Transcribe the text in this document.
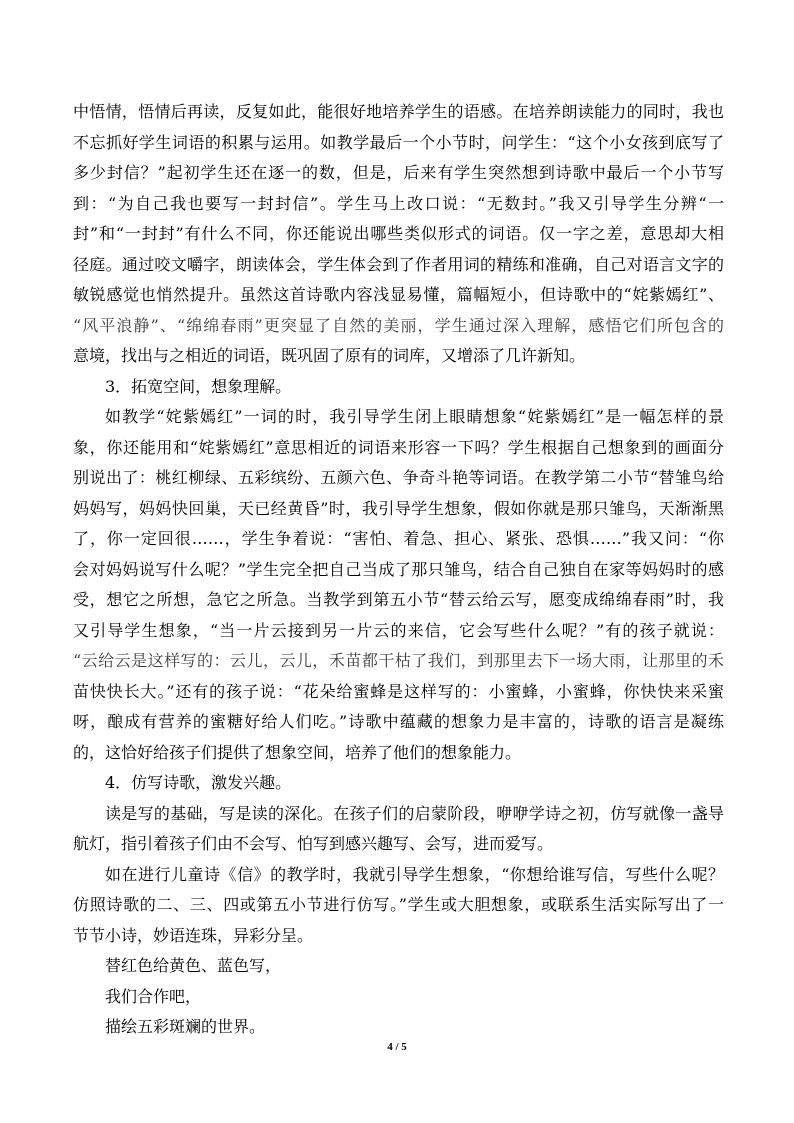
中悟情，悟情后再读，反复如此，能很好地培养学生的语感。在培养朗读能力的同时，我也
不忘抓好学生词语的积累与运用。如教学最后一个小节时，问学生：“这个小女孩到底写了
多少封信？”起初学生还在逐一的数，但是，后来有学生突然想到诗歌中最后一个小节写
到：“为自己我也要写一封封信”。学生马上改口说：“无数封。”我又引导学生分辨“一
封”和“一封封”有什么不同，你还能说出哪些类似形式的词语。仅一字之差，意思却大相
径庭。通过咬文嚼字，朗读体会，学生体会到了作者用词的精练和准确，自己对语言文字的
敏锐感觉也悄然提升。虽然这首诗歌内容浅显易懂，篇幅短小，但诗歌中的“姹紫嫣红”、
“风平浪静”、“绵绵春雨”更突显了自然的美丽，学生通过深入理解，感悟它们所包含的
意境，找出与之相近的词语，既巩固了原有的词库，又增添了几许新知。
3．拓宽空间，想象理解。
如教学“姹紫嫣红”一词的时，我引导学生闭上眼睛想象“姹紫嫣红”是一幅怎样的景
象，你还能用和“姹紫嫣红”意思相近的词语来形容一下吗？学生根据自己想象到的画面分
别说出了：桃红柳绿、五彩缤纷、五颜六色、争奇斗艳等词语。在教学第二小节“替雏鸟给
妈妈写，妈妈快回巢，天已经黄昏”时，我引导学生想象，假如你就是那只雏鸟，天渐渐黑
了，你一定回很……，学生争着说：“害怕、着急、担心、紧张、恐惧……”我又问：“你
会对妈妈说写什么呢？”学生完全把自己当成了那只雏鸟，结合自己独自在家等妈妈时的感
受，想它之所想，急它之所急。当教学到第五小节“替云给云写，愿变成绵绵春雨”时，我
又引导学生想象，“当一片云接到另一片云的来信，它会写些什么呢？”有的孩子就说：
“云给云是这样写的：云儿，云儿，禾苗都干枯了我们，到那里去下一场大雨，让那里的禾
苗快快长大。”还有的孩子说：“花朵给蜜蜂是这样写的：小蜜蜂，小蜜蜂，你快快来采蜜
呀，酿成有营养的蜜糖好给人们吃。”诗歌中蕴藏的想象力是丰富的，诗歌的语言是凝练
的，这恰好给孩子们提供了想象空间，培养了他们的想象能力。
4．仿写诗歌，激发兴趣。
读是写的基础，写是读的深化。在孩子们的启蒙阶段，咿咿学诗之初，仿写就像一盏导
航灯，指引着孩子们由不会写、怕写到感兴趣写、会写，进而爱写。
如在进行儿童诗《信》的教学时，我就引导学生想象，“你想给谁写信，写些什么呢？
仿照诗歌的二、三、四或第五小节进行仿写。”学生或大胆想象，或联系生活实际写出了一
节节小诗，妙语连珠，异彩分呈。
替红色给黄色、蓝色写，
我们合作吧，
描绘五彩斑斓的世界。
4 / 5
